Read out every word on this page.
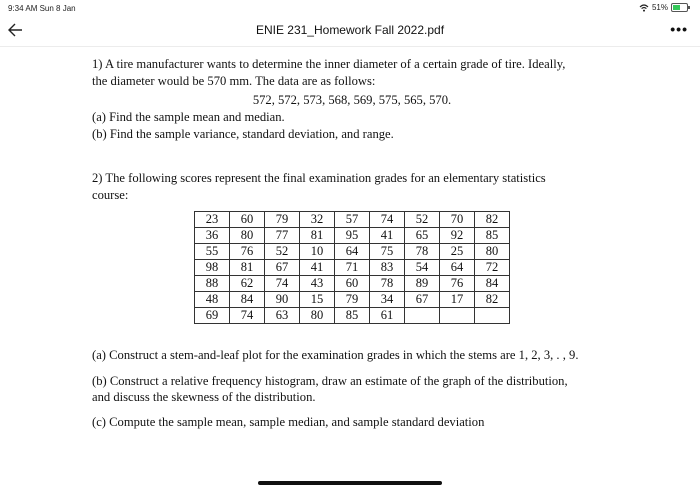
9:34 AM Sun 8 Jan	51%
ENIE 231_Homework Fall 2022.pdf	•••
1) A tire manufacturer wants to determine the inner diameter of a certain grade of tire. Ideally,
the diameter would be 570 mm. The data are as follows:
572, 572, 573, 568, 569, 575, 565, 570.
(a) Find the sample mean and median.
(b) Find the sample variance, standard deviation, and range.
2) The following scores represent the final examination grades for an elementary statistics
course:
23	60	79	32	57	74	52	70	82
36	80	77	81	95	41	65	92	85
55	76	52	10	64	75	78	25	80
98	81	67	41	71	83	54	64	72
88	62	74	43	60	78	89	76	84
48	84	90	15	79	34	67	17	82
69	74	63	80	85	61			
(a) Construct a stem-and-leaf plot for the examination grades in which the stems are 1, 2, 3, . , 9.
(b) Construct a relative frequency histogram, draw an estimate of the graph of the distribution,
and discuss the skewness of the distribution.
(c) Compute the sample mean, sample median, and sample standard deviation
